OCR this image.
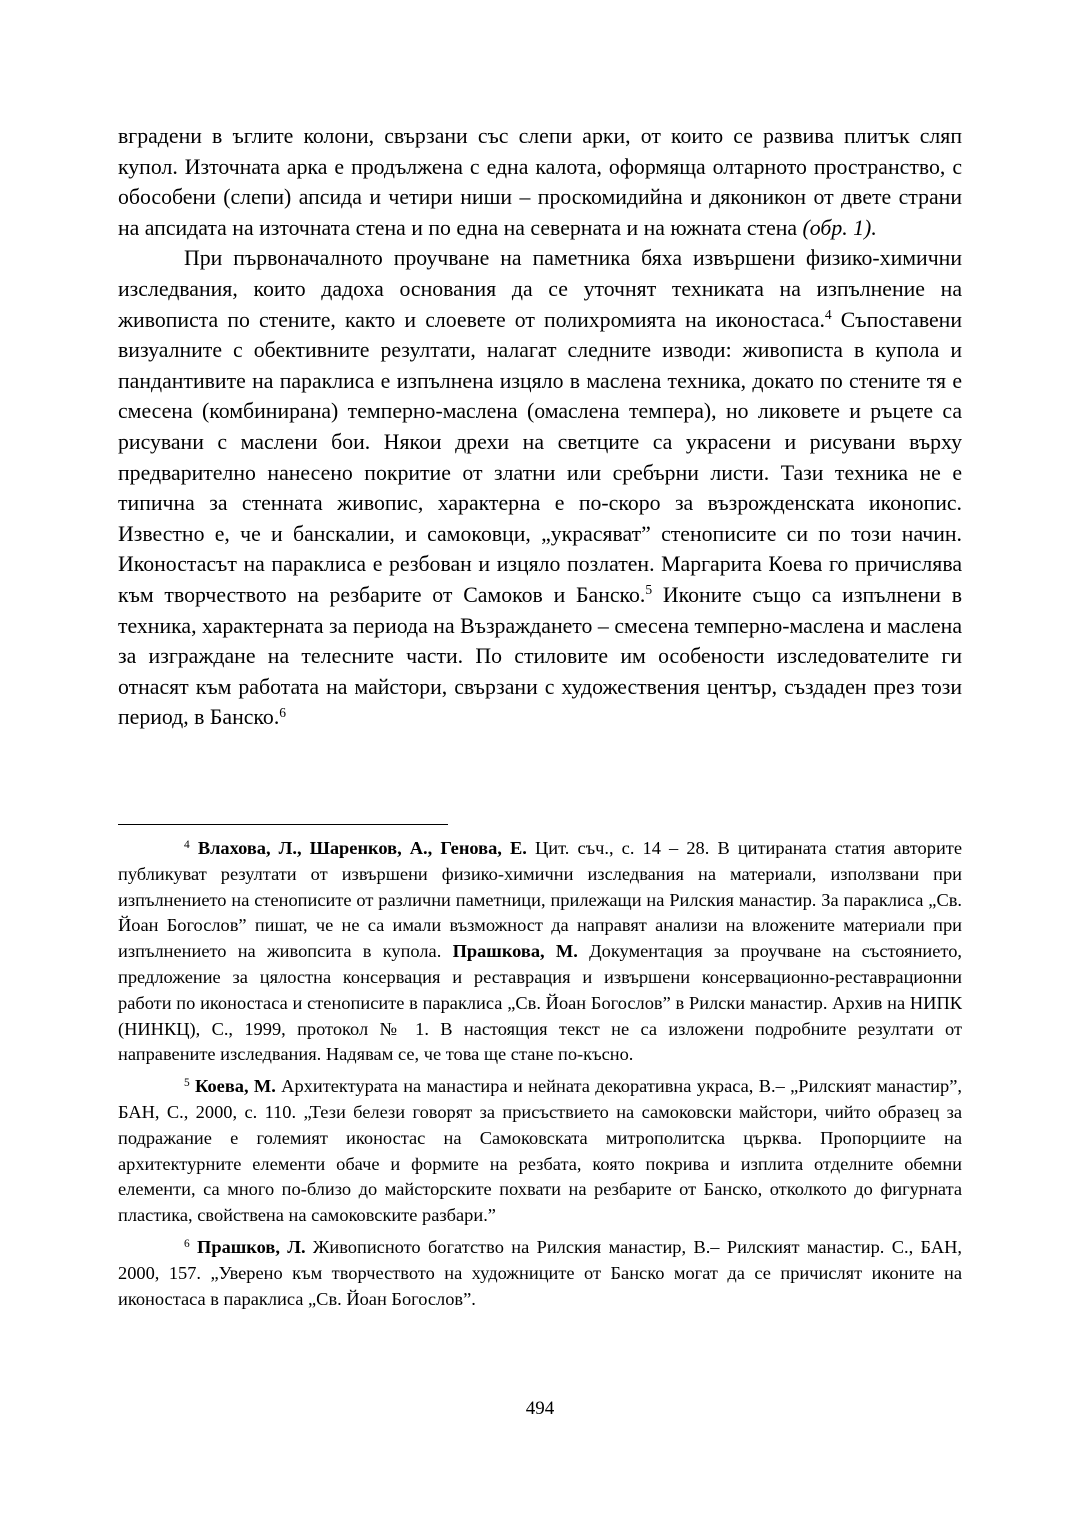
вградени в ъглите колони, свързани със слепи арки, от които се развива плитък сляп купол. Източната арка е продължена с една калота, оформяща олтарното пространство, с обособени (слепи) апсида и четири ниши – проскомидийна и дяконикон от двете страни на апсидата на източната стена и по една на северната и на южната стена (обр. 1).

При първоначалното проучване на паметника бяха извършени физико-химични изследвания, които дадоха основания да се уточнят техниката на изпълнение на живописта по стените, както и слоевете от полихромията на иконостаса.$^4$ Съпоставени визуалните с обективните резултати, налагат следните изводи: живописта в купола и пандантивите на параклиса е изпълнена изцяло в маслена техника, докато по стените тя е смесена (комбинирана) темперно-маслена (омаслена темпера), но ликовете и ръцете са рисувани с маслени бои. Някои дрехи на светците са украсени и рисувани върху предварително нанесено покритие от златни или сребърни листи. Тази техника не е типична за стенната живопис, характерна е по-скоро за възрожденската иконопис. Известно е, че и банскалии, и самоковци, „украсяват” стенописите си по този начин. Иконостасът на параклиса е резбован и изцяло позлатен. Маргарита Коева го причислява към творчеството на резбарите от Самоков и Банско.$^5$ Иконите също са изпълнени в техника, характерната за периода на Възраждането – смесена темперно-маслена и маслена за изграждане на телесните части. По стиловите им особености изследователите ги отнасят към работата на майстори, свързани с художествения център, създаден през този период, в Банско.$^6$

$^4$ Влахова, Л., Шаренков, А., Генова, Е. Цит. съч., с. 14 – 28. В цитираната статия авторите публикуват резултати от извършени физико-химични изследвания на материали, използвани при изпълнението на стенописите от различни паметници, прилежащи на Рилския манастир. За параклиса „Св. Йоан Богослов” пишат, че не са имали възможност да направят анализи на вложените материали при изпълнението на живопсита в купола. Прашкова, М. Документация за проучване на състоянието, предложение за цялостна консервация и реставрация и извършени консервационно-реставрационни работи по иконостаса и стенописите в параклиса „Св. Йоан Богослов” в Рилски манастир. Архив на НИПК (НИНКЦ), С., 1999, протокол № 1. В настоящия текст не са изложени подробните резултати от направените изследвания. Надявам се, че това ще стане по-късно.

$^5$ Коева, М. Архитектурата на манастира и нейната декоративна украса, В.– „Рилският манастир”, БАН, С., 2000, с. 110. „Тези белези говорят за присъствието на самоковски майстори, чийто образец за подражание е големият иконостас на Самоковската митрополитска църква. Пропорциите на архитектурните елементи обаче и формите на резбата, която покрива и изплита отделните обемни елементи, са много по-близо до майсторските похвати на резбарите от Банско, отколкото до фигурната пластика, свойствена на самоковските разбари.”

$^6$ Прашков, Л. Живописното богатство на Рилския манастир, В.– Рилският манастир. С., БАН, 2000, 157. „Уверено към творчеството на художниците от Банско могат да се причислят иконите на иконостаса в параклиса „Св. Йоан Богослов”.

494
